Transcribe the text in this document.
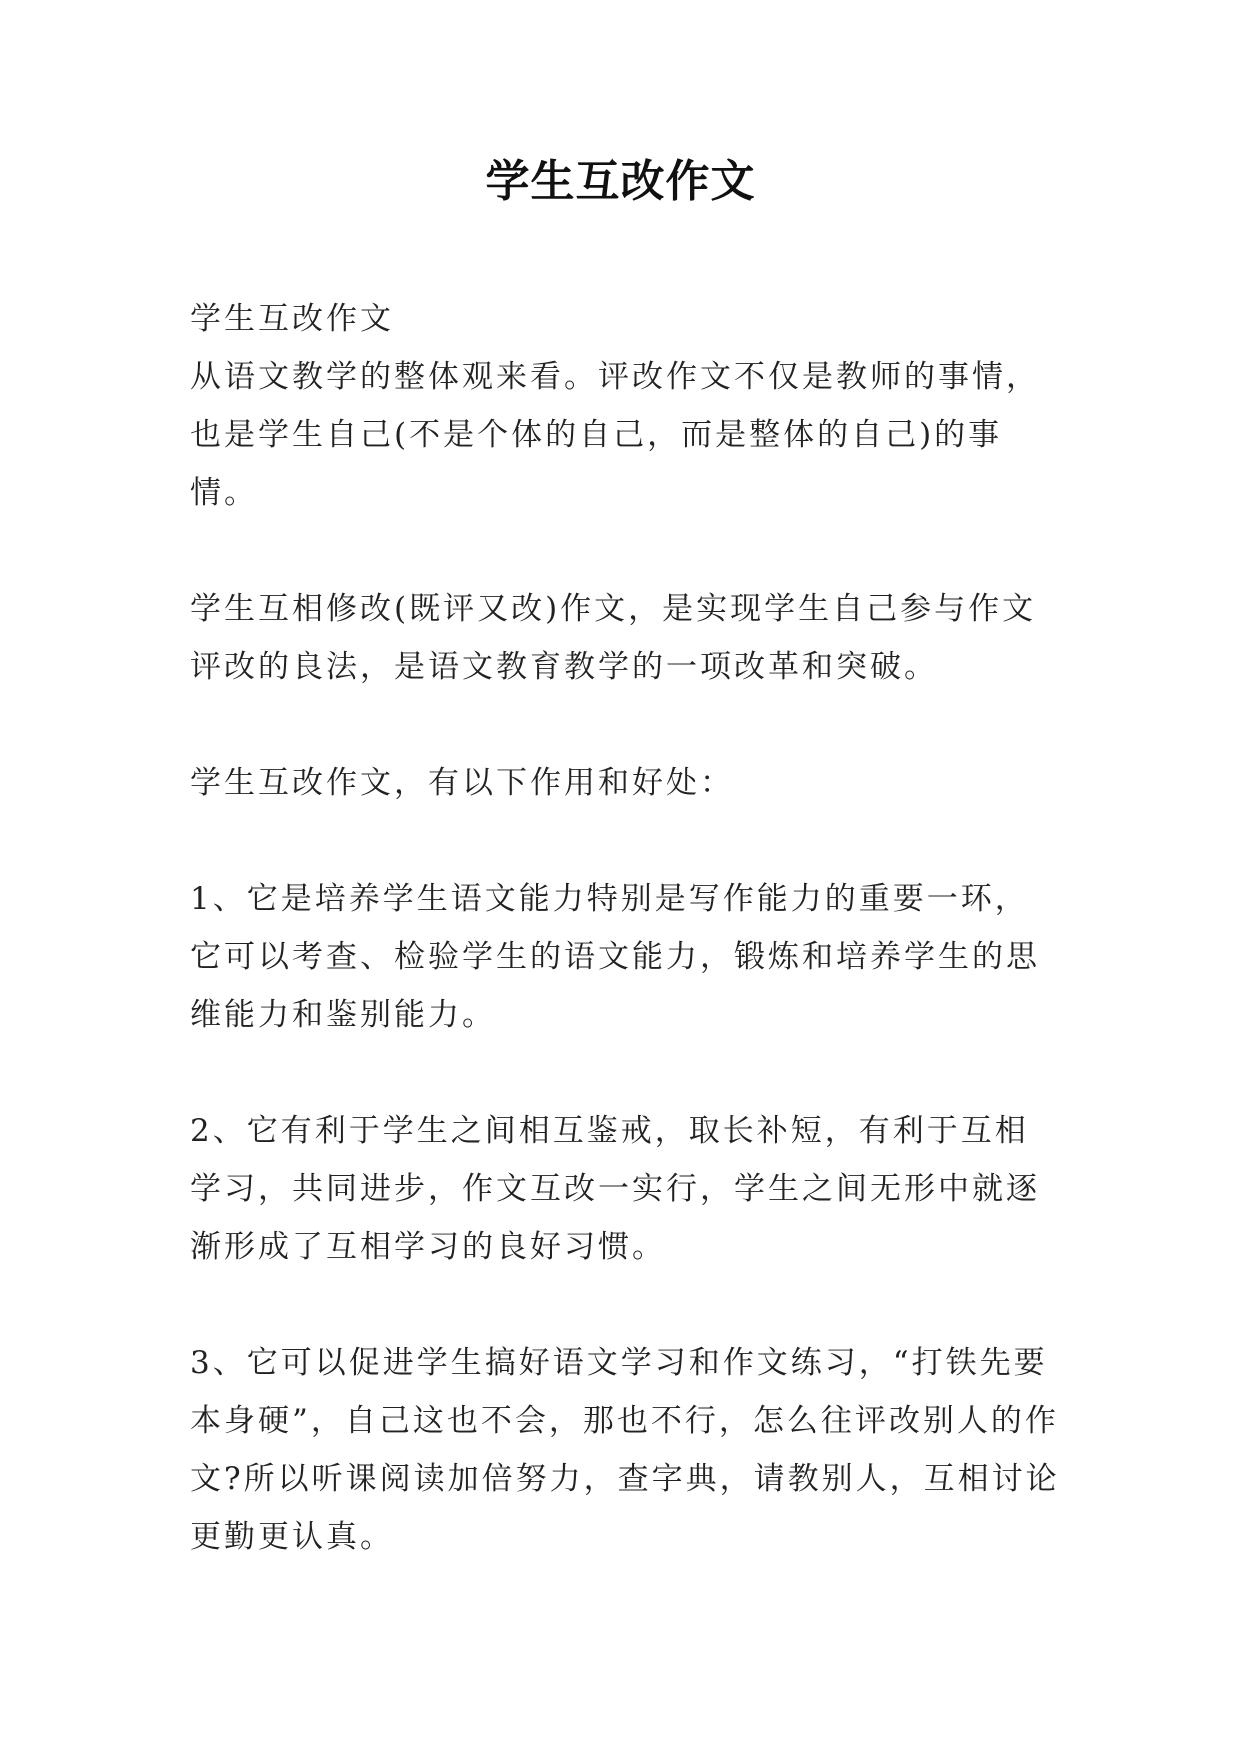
学生互改作文

学生互改作文

从语文教学的整体观来看。评改作文不仅是教师的事情，也是学生自己(不是个体的自己，而是整体的自己)的事情。

学生互相修改(既评又改)作文，是实现学生自己参与作文评改的良法，是语文教育教学的一项改革和突破。

学生互改作文，有以下作用和好处：

1、它是培养学生语文能力特别是写作能力的重要一环，它可以考查、检验学生的语文能力，锻炼和培养学生的思维能力和鉴别能力。

2、它有利于学生之间相互鉴戒，取长补短，有利于互相学习，共同进步，作文互改一实行，学生之间无形中就逐渐形成了互相学习的良好习惯。

3、它可以促进学生搞好语文学习和作文练习，“打铁先要本身硬”，自己这也不会，那也不行，怎么往评改别人的作文?所以听课阅读加倍努力，查字典，请教别人，互相讨论更勤更认真。
